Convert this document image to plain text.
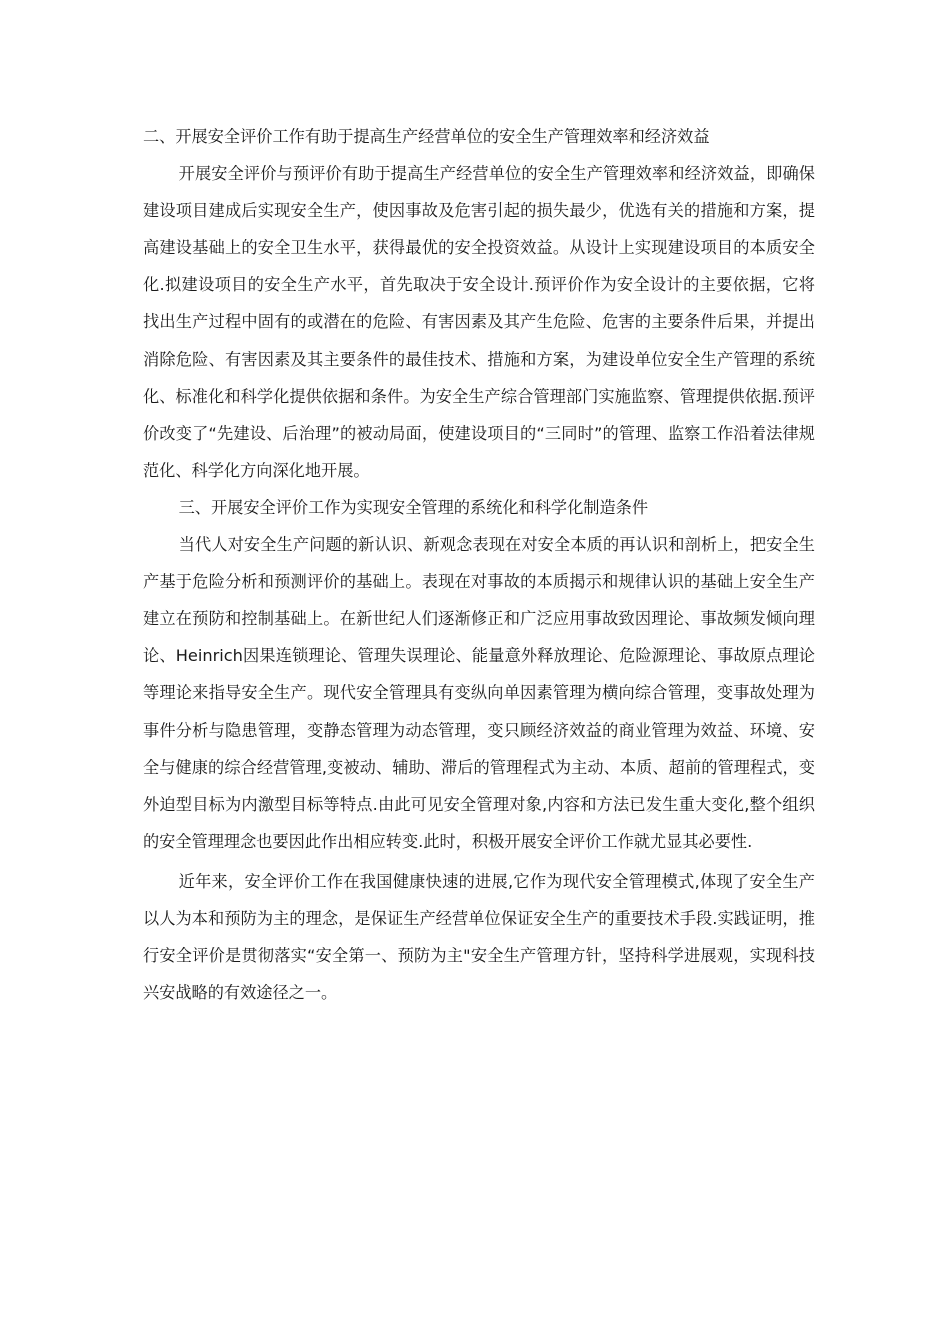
二、开展安全评价工作有助于提高生产经营单位的安全生产管理效率和经济效益

开展安全评价与预评价有助于提高生产经营单位的安全生产管理效率和经济效益，即确保建设项目建成后实现安全生产，使因事故及危害引起的损失最少，优选有关的措施和方案，提高建设基础上的安全卫生水平，获得最优的安全投资效益。从设计上实现建设项目的本质安全化.拟建设项目的安全生产水平，首先取决于安全设计.预评价作为安全设计的主要依据，它将找出生产过程中固有的或潜在的危险、有害因素及其产生危险、危害的主要条件后果，并提出消除危险、有害因素及其主要条件的最佳技术、措施和方案，为建设单位安全生产管理的系统化、标准化和科学化提供依据和条件。为安全生产综合管理部门实施监察、管理提供依据.预评价改变了“先建设、后治理”的被动局面，使建设项目的“三同时”的管理、监察工作沿着法律规范化、科学化方向深化地开展。

三、开展安全评价工作为实现安全管理的系统化和科学化制造条件

当代人对安全生产问题的新认识、新观念表现在对安全本质的再认识和剖析上，把安全生产基于危险分析和预测评价的基础上。表现在对事故的本质揭示和规律认识的基础上安全生产建立在预防和控制基础上。在新世纪人们逐渐修正和广泛应用事故致因理论、事故频发倾向理论、Heinrich因果连锁理论、管理失误理论、能量意外释放理论、危险源理论、事故原点理论等理论来指导安全生产。现代安全管理具有变纵向单因素管理为横向综合管理，变事故处理为事件分析与隐患管理，变静态管理为动态管理，变只顾经济效益的商业管理为效益、环境、安全与健康的综合经营管理,变被动、辅助、滞后的管理程式为主动、本质、超前的管理程式，变外迫型目标为内激型目标等特点.由此可见安全管理对象,内容和方法已发生重大变化,整个组织的安全管理理念也要因此作出相应转变.此时，积极开展安全评价工作就尤显其必要性.

近年来，安全评价工作在我国健康快速的进展,它作为现代安全管理模式,体现了安全生产以人为本和预防为主的理念，是保证生产经营单位保证安全生产的重要技术手段.实践证明，推行安全评价是贯彻落实“安全第一、预防为主"安全生产管理方针，坚持科学进展观，实现科技兴安战略的有效途径之一。
